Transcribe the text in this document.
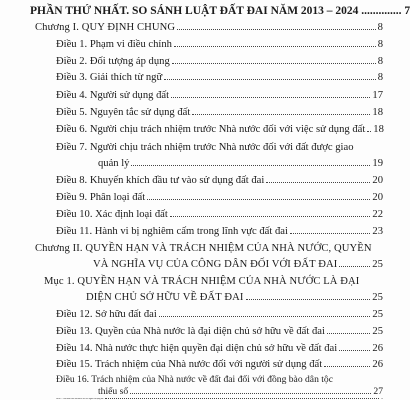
PHẦN THỨ NHẤT. SO SÁNH LUẬT ĐẤT ĐAI NĂM 2013 – 2024 .............. 7
Chương I. QUY ĐỊNH CHUNG	8
Điều 1. Phạm vi điều chỉnh	8
Điều 2. Đối tượng áp dụng	8
Điều 3. Giải thích từ ngữ	8
Điều 4. Người sử dụng đất	17
Điều 5. Nguyên tắc sử dụng đất	18
Điều 6. Người chịu trách nhiệm trước Nhà nước đối với việc sử dụng đất 18
Điều 7. Người chịu trách nhiệm trước Nhà nước đối với đất được giao
quản lý	19
Điều 8. Khuyến khích đầu tư vào sử dụng đất đai	20
Điều 9. Phân loại đất	20
Điều 10. Xác định loại đất	22
Điều 11. Hành vi bị nghiêm cấm trong lĩnh vực đất đai	23
Chương II. QUYỀN HẠN VÀ TRÁCH NHIỆM CỦA NHÀ NƯỚC, QUYỀN
VÀ NGHĨA VỤ CỦA CÔNG DÂN ĐỐI VỚI ĐẤT ĐAI	25
Mục 1. QUYỀN HẠN VÀ TRÁCH NHIỆM CỦA NHÀ NƯỚC LÀ ĐẠI
DIỆN CHỦ SỞ HỮU VỀ ĐẤT ĐAI	25
Điều 12. Sở hữu đất đai	25
Điều 13. Quyền của Nhà nước là đại diện chủ sở hữu về đất đai	25
Điều 14. Nhà nước thực hiện quyền đại diện chủ sở hữu về đất đai	26
Điều 15. Trách nhiệm của Nhà nước đối với người sử dụng đất	26
Điều 16. Trách nhiệm của Nhà nước về đất đai đối với đồng bào dân tộc
thiểu số	27
Điều 17. Bảo đảm của Nhà nước đối với người sử dụng đất	29
